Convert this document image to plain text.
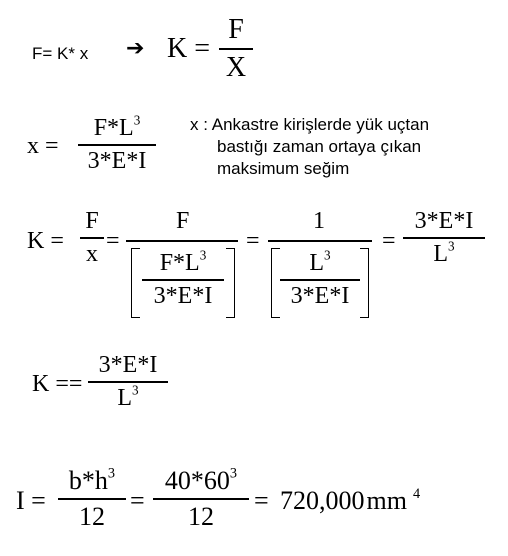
F= K* x ➔ K =
F
X
x =
$F*L^3$
3*E*I
x : Ankastre kirişlerde yük uçtan
bastığı zaman ortaya çıkan
maksimum seğim
K =
F
x =
F
$F*L^3$
3*E*I
=
1
$L^3$
3*E*I
=
3*E*I
$L^3$
K ==
3*E*I
$L^3$
I =
$b*h^3$
12
=
$40*60^3$
12
= 720,000mm $^4$
